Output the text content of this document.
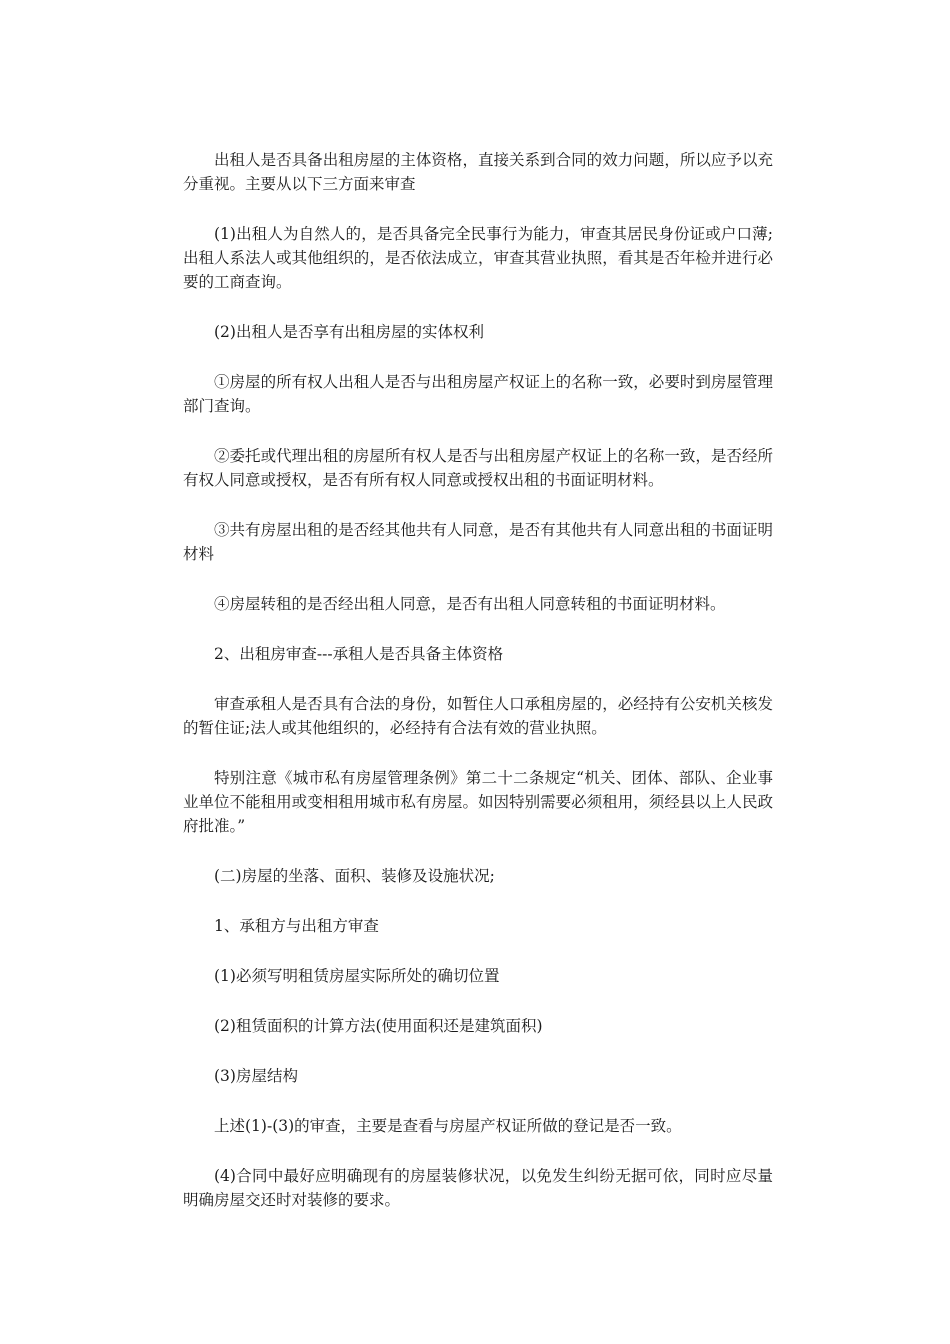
出租人是否具备出租房屋的主体资格，直接关系到合同的效力问题，所以应予以充分重视。主要从以下三方面来审查

(1)出租人为自然人的，是否具备完全民事行为能力，审查其居民身份证或户口薄;出租人系法人或其他组织的，是否依法成立，审查其营业执照，看其是否年检并进行必要的工商查询。

(2)出租人是否享有出租房屋的实体权利

①房屋的所有权人出租人是否与出租房屋产权证上的名称一致，必要时到房屋管理部门查询。

②委托或代理出租的房屋所有权人是否与出租房屋产权证上的名称一致，是否经所有权人同意或授权，是否有所有权人同意或授权出租的书面证明材料。

③共有房屋出租的是否经其他共有人同意，是否有其他共有人同意出租的书面证明材料

④房屋转租的是否经出租人同意，是否有出租人同意转租的书面证明材料。

2、出租房审查---承租人是否具备主体资格

审查承租人是否具有合法的身份，如暂住人口承租房屋的，必经持有公安机关核发的暂住证;法人或其他组织的，必经持有合法有效的营业执照。

特别注意《城市私有房屋管理条例》第二十二条规定“机关、团体、部队、企业事业单位不能租用或变相租用城市私有房屋。如因特别需要必须租用，须经县以上人民政府批准。”

(二)房屋的坐落、面积、装修及设施状况;

1、承租方与出租方审查

(1)必须写明租赁房屋实际所处的确切位置

(2)租赁面积的计算方法(使用面积还是建筑面积)

(3)房屋结构

上述(1)-(3)的审查，主要是查看与房屋产权证所做的登记是否一致。

(4)合同中最好应明确现有的房屋装修状况，以免发生纠纷无据可依，同时应尽量明确房屋交还时对装修的要求。
